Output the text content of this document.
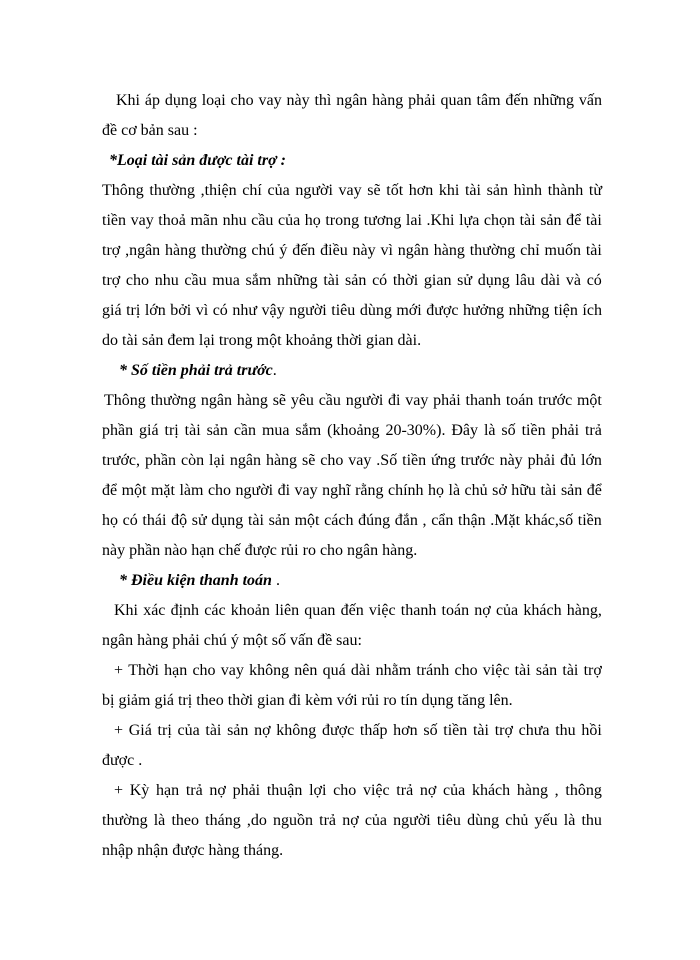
Khi áp dụng loại cho vay này thì ngân hàng phải quan tâm đến những vấn

đề cơ bản sau :

*Loại tài sản được tài trợ :

Thông thường ,thiện chí của người vay sẽ tốt hơn khi tài sản hình thành từ

tiền vay thoả mãn nhu cầu của họ trong tương lai .Khi lựa chọn tài sản để tài

trợ ,ngân hàng thường chú ý đến điều này vì ngân hàng thường chỉ muốn tài

trợ cho nhu cầu mua sắm những tài sản có thời gian sử dụng lâu dài và có

giá trị lớn bởi vì có như vậy người tiêu dùng mới được hưởng những tiện ích

do tài sản đem lại trong một khoảng thời gian dài.

* Số tiền phải trả trước.

Thông thường ngân hàng sẽ yêu cầu người đi vay phải thanh toán trước một

phần giá trị tài sản cần mua sắm (khoảng 20-30%). Đây là số tiền phải trả

trước, phần còn lại ngân hàng sẽ cho vay .Số tiền ứng trước này phải đủ lớn

để một mặt làm cho người đi vay nghĩ rằng chính họ là chủ sở hữu tài sản để

họ có thái độ sử dụng tài sản một cách đúng đắn , cẩn thận .Mặt khác,số tiền

này phần nào hạn chế được rủi ro cho ngân hàng.

* Điều kiện thanh toán .

Khi xác định các khoản liên quan đến việc thanh toán nợ của khách hàng,

ngân hàng phải chú ý một số vấn đề sau:

+ Thời hạn cho vay không nên quá dài nhằm tránh cho việc tài sản tài trợ

bị giảm giá trị theo thời gian đi kèm với rủi ro tín dụng tăng lên.

+ Giá trị của tài sản nợ không được thấp hơn số tiền tài trợ chưa thu hồi

được .

+ Kỳ hạn trả nợ phải thuận lợi cho việc trả nợ của khách hàng , thông

thường là theo tháng ,do nguồn trả nợ của người tiêu dùng chủ yếu là thu

nhập nhận được hàng tháng.
